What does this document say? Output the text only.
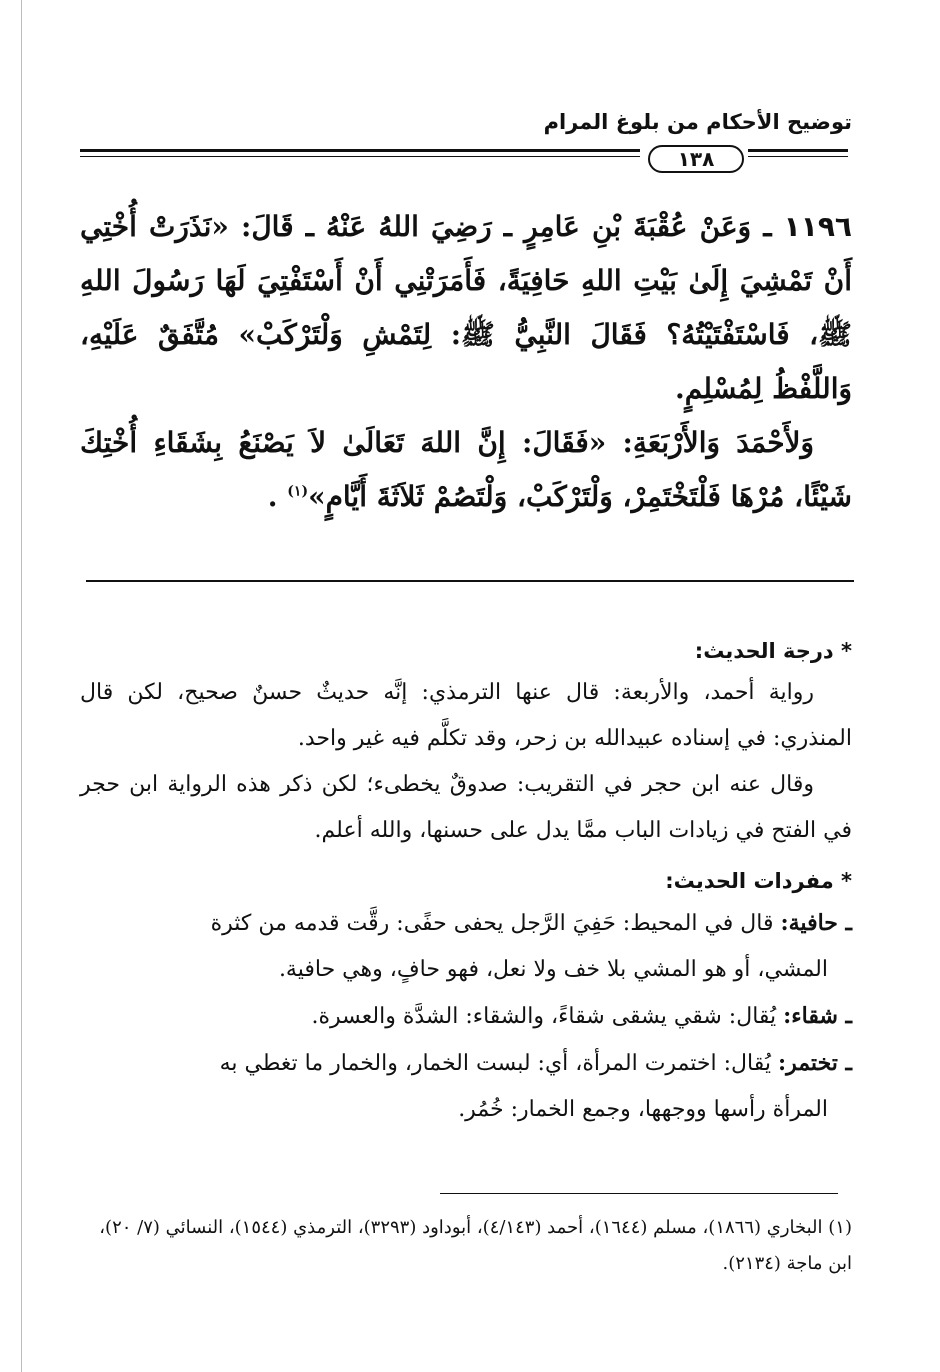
توضيح الأحكام من بلوغ المرام
١٣٨

١١٩٦ ـ وَعَنْ عُقْبَةَ بْنِ عَامِرٍ ـ رَضِيَ اللهُ عَنْهُ ـ قَالَ: «نَذَرَتْ أُخْتِي أَنْ تَمْشِيَ إِلَىٰ بَيْتِ اللهِ حَافِيَةً، فَأَمَرَتْنِي أَنْ أَسْتَفْتِيَ لَهَا رَسُولَ اللهِ ﷺ، فَاسْتَفْتَيْتُهُ؟ فَقَالَ النَّبِيُّ ﷺ: لِتَمْشِ وَلْتَرْكَبْ» مُتَّفَقٌ عَلَيْهِ، وَاللَّفْظُ لِمُسْلِمٍ.

وَلأَحْمَدَ وَالأَرْبَعَةِ: «فَقَالَ: إِنَّ اللهَ تَعَالَىٰ لاَ يَصْنَعُ بِشَقَاءِ أُخْتِكَ شَيْئًا، مُرْهَا فَلْتَخْتَمِرْ، وَلْتَرْكَبْ، وَلْتَصُمْ ثَلاَثَةَ أَيَّامٍ»$^{(١)}$ .

* درجة الحديث:

رواية أحمد، والأربعة: قال عنها الترمذي: إنَّه حديثٌ حسنٌ صحيح، لكن قال المنذري: في إسناده عبيدالله بن زحر، وقد تكلَّم فيه غير واحد.

وقال عنه ابن حجر في التقريب: صدوقٌ يخطىء؛ لكن ذكر هذه الرواية ابن حجر في الفتح في زيادات الباب ممَّا يدل على حسنها، والله أعلم.

* مفردات الحديث:

ـ حافية: قال في المحيط: حَفِيَ الرَّجل يحفى حفًى: رقَّت قدمه من كثرة
المشي، أو هو المشي بلا خف ولا نعل، فهو حافٍ، وهي حافية.

ـ شقاء: يُقال: شقي يشقى شقاءً، والشقاء: الشدَّة والعسرة.

ـ تختمر: يُقال: اختمرت المرأة، أي: لبست الخمار، والخمار ما تغطي به
المرأة رأسها ووجهها، وجمع الخمار: خُمُر.

(١) البخاري (١٨٦٦)، مسلم (١٦٤٤)، أحمد (٤/١٤٣)، أبوداود (٣٢٩٣)، الترمذي (١٥٤٤)، النسائي (٧/ ٢٠)، ابن ماجة (٢١٣٤).
